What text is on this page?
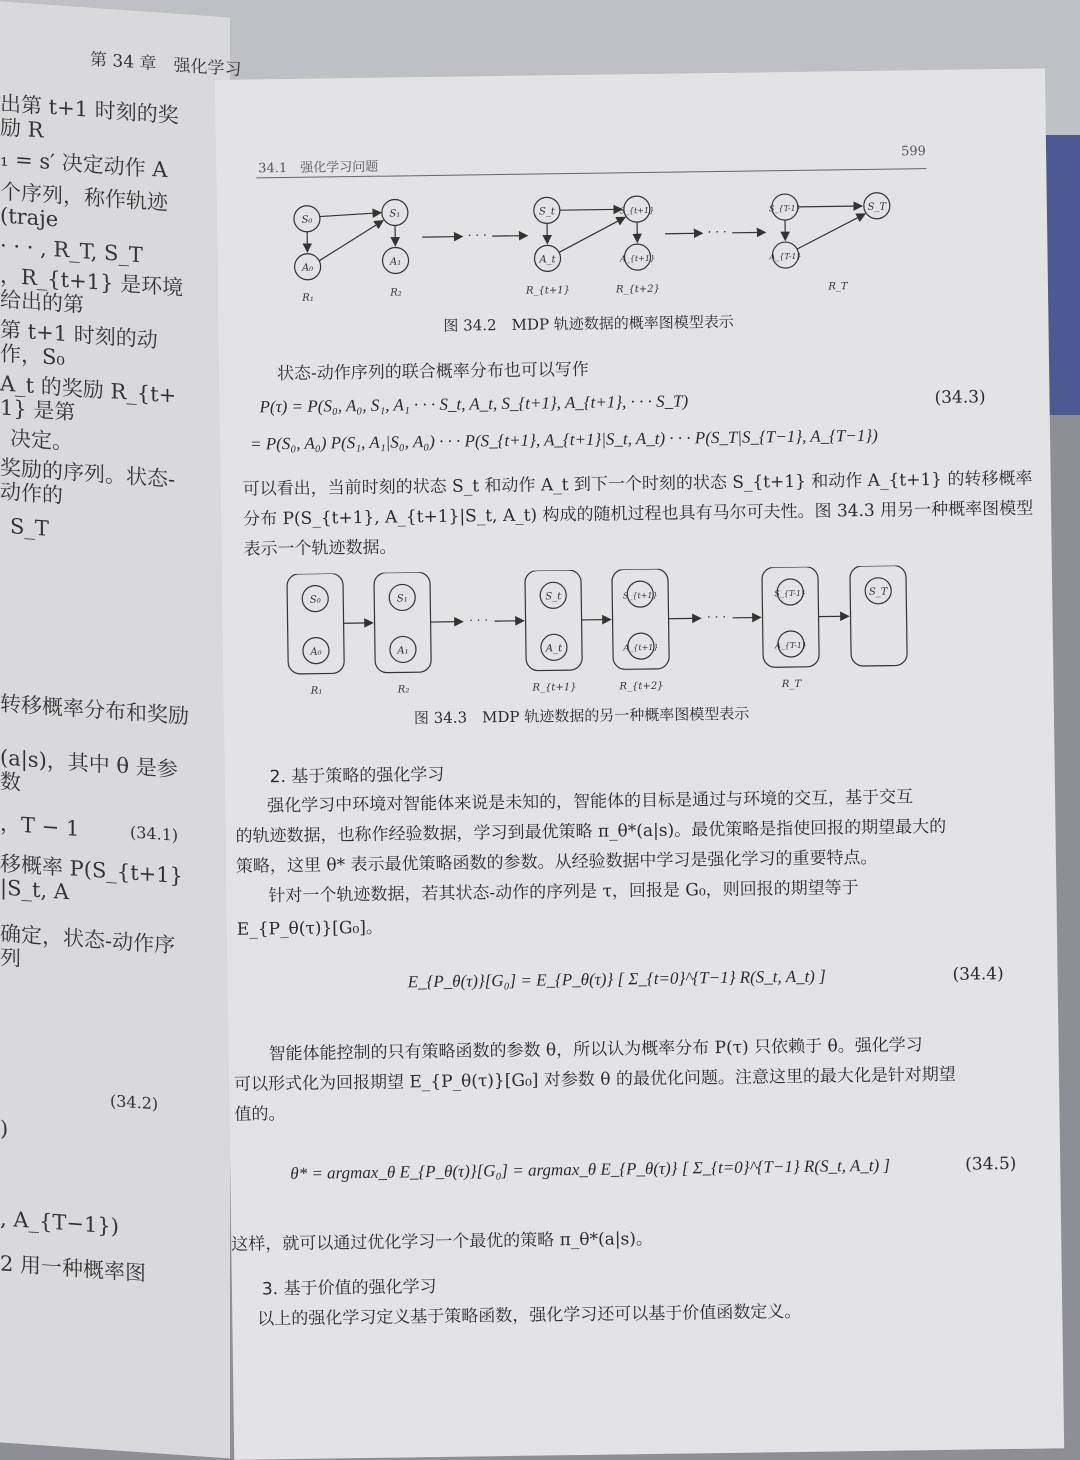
第 34 章　强化学习
出第 t+1 时刻的奖励 R
₁ = s′ 决定动作 A
个序列，称作轨迹 (traje
· · · , R_T, S_T
，R_{t+1} 是环境给出的第
第 t+1 时刻的动作，S₀
A_t 的奖励 R_{t+1} 是第
决定。
奖励的序列。状态-动作的
S_T
转移概率分布和奖励
(a|s)，其中 θ 是参数
，T − 1	(34.1)
移概率 P(S_{t+1}|S_t, A
确定，状态-动作序列
(34.2)
)
, A_{T−1})
2 用一种概率图
34.1　强化学习问题
599
S₀
A₀
S₁
A₁
S_t
A_t
S_{t+1}
A_{t+1}
S_{T-1}
A_{T-1}
S_T
· · ·	· · ·
R₁	R₂	R_{t+1}	R_{t+2}	R_T
图 34.2　MDP 轨迹数据的概率图模型表示
状态-动作序列的联合概率分布也可以写作
P(τ) = P(S₀, A₀, S₁, A₁ · · · S_t, A_t, S_{t+1}, A_{t+1}, · · · S_T)
= P(S₀, A₀) P(S₁, A₁|S₀, A₀) · · · P(S_{t+1}, A_{t+1}|S_t, A_t) · · · P(S_T|S_{T−1}, A_{T−1})
(34.3)
可以看出，当前时刻的状态 S_t 和动作 A_t 到下一个时刻的状态 S_{t+1} 和动作 A_{t+1} 的转移概率
分布 P(S_{t+1}, A_{t+1}|S_t, A_t) 构成的随机过程也具有马尔可夫性。图 34.3 用另一种概率图模型
表示一个轨迹数据。
S₀	S₁	S_t	S_{t+1}	S_{T-1}	S_T
A₀	A₁	A_t	A_{t+1}	A_{T-1}
· · ·	· · ·
R₁	R₂	R_{t+1}	R_{t+2}	R_T
图 34.3　MDP 轨迹数据的另一种概率图模型表示
2. 基于策略的强化学习
强化学习中环境对智能体来说是未知的，智能体的目标是通过与环境的交互，基于交互
的轨迹数据，也称作经验数据，学习到最优策略 π_θ*(a|s)。最优策略是指使回报的期望最大的
策略，这里 θ* 表示最优策略函数的参数。从经验数据中学习是强化学习的重要特点。
针对一个轨迹数据，若其状态-动作的序列是 τ，回报是 G₀，则回报的期望等于
E_{P_θ(τ)}[G₀]。
E_{P_θ(τ)}[G₀] = E_{P_θ(τ)} [ Σ_{t=0}^{T−1} R(S_t, A_t) ]	(34.4)
智能体能控制的只有策略函数的参数 θ，所以认为概率分布 P(τ) 只依赖于 θ。强化学习
可以形式化为回报期望 E_{P_θ(τ)}[G₀] 对参数 θ 的最优化问题。注意这里的最大化是针对期望
值的。
θ* = argmax_θ E_{P_θ(τ)}[G₀] = argmax_θ E_{P_θ(τ)} [ Σ_{t=0}^{T−1} R(S_t, A_t) ]	(34.5)
这样，就可以通过优化学习一个最优的策略 π_θ*(a|s)。
3. 基于价值的强化学习
以上的强化学习定义基于策略函数，强化学习还可以基于价值函数定义。
